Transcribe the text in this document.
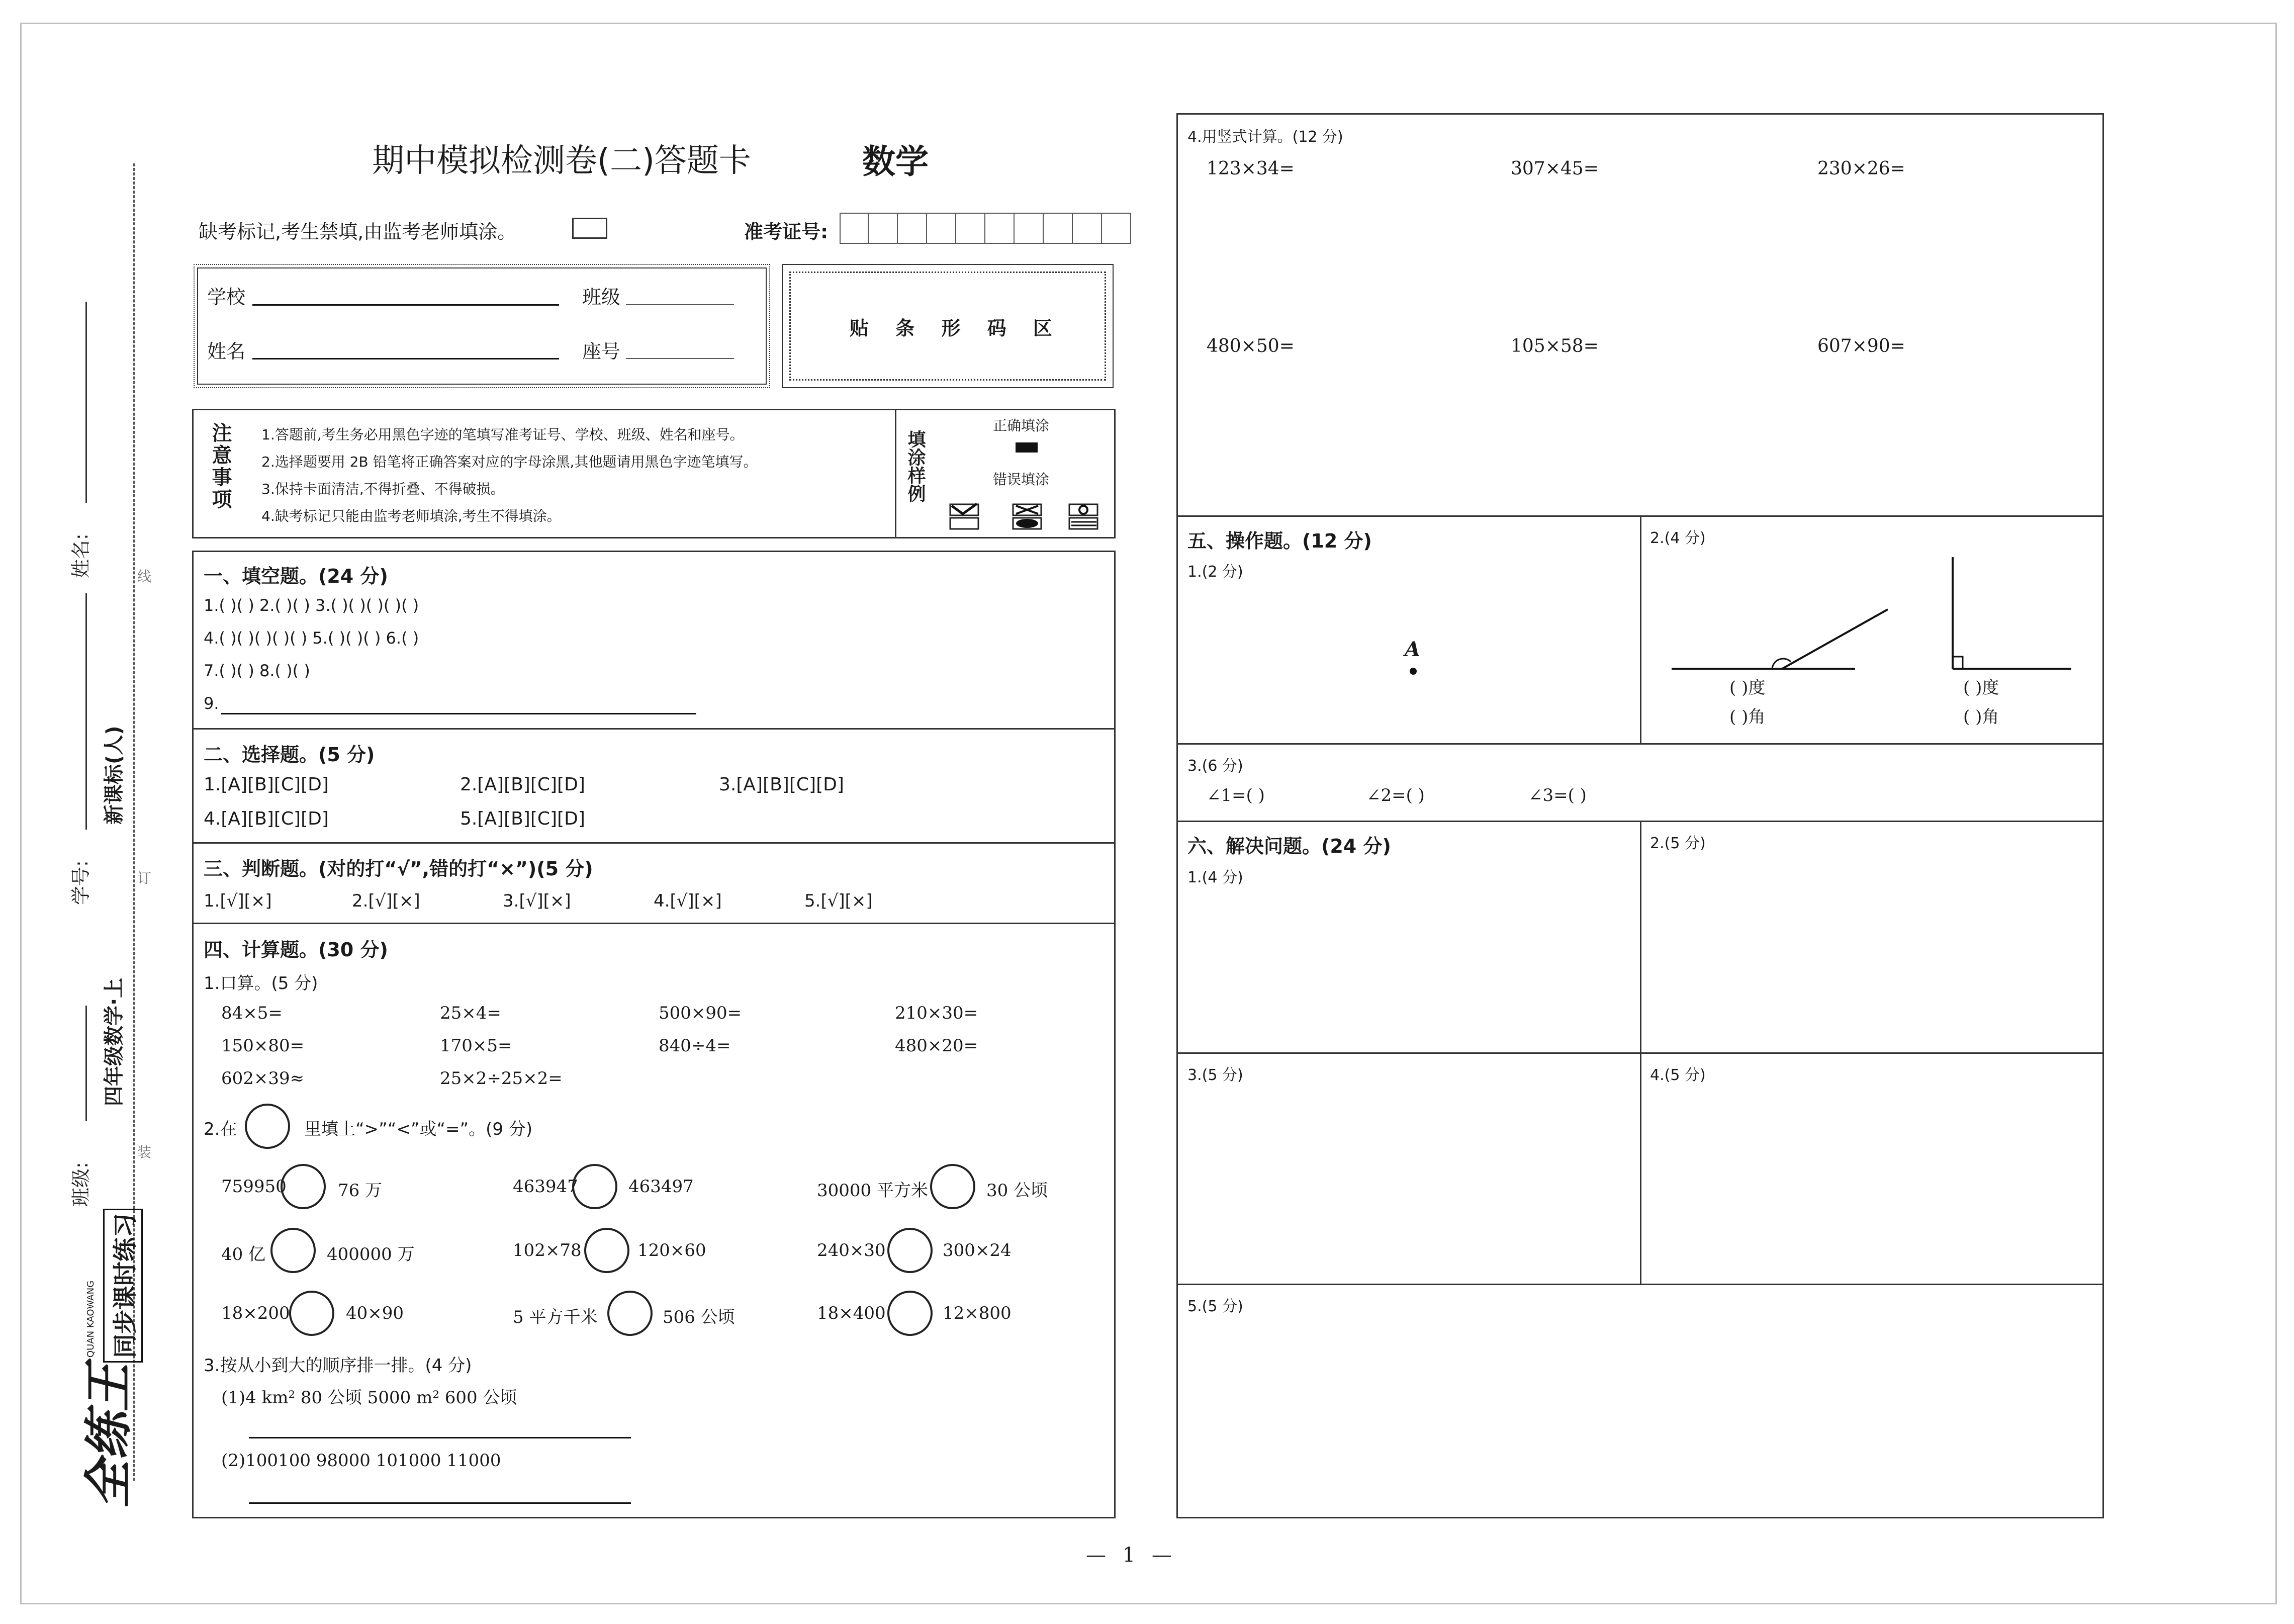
班级:
四年级数学·上
学号:
新课标(人)
姓名:	线
订
装
全练王
同步课时练习
QUAN KAOWANG
期中模拟检测卷(二)答题卡	数学
缺考标记,考生禁填,由监考老师填涂。	准考证号:
学校	班级
姓名	座号
贴 条 形 码 区
注意事项 1.答题前,考生务必用黑色字迹的笔填写准考证号、学校、班级、姓名和座号。
2.选择题要用 2B 铅笔将正确答案对应的字母涂黑,其他题请用黑色字迹笔填写。
3.保持卡面清洁,不得折叠、不得破损。
4.缺考标记只能由监考老师填涂,考生不得填涂。
填涂样例
正确填涂
错误填涂
一、填空题。(24 分)
1.( )( ) 2.( )( ) 3.( )( )( )( )( )
4.( )( )( )( )( ) 5.( )( )( ) 6.( )
7.( )( ) 8.( )( )
9.
二、选择题。(5 分)
1.[A][B][C][D]	2.[A][B][C][D]	3.[A][B][C][D]
4.[A][B][C][D]	5.[A][B][C][D]
三、判断题。(对的打“√”,错的打“×”)(5 分)
1.[√][×]	2.[√][×]	3.[√][×]	4.[√][×]	5.[√][×]
四、计算题。(30 分)
1.口算。(5 分)
84×5=	25×4=	500×90=	210×30=
150×80=	170×5=	840÷4=	480×20=
602×39≈	25×2÷25×2=
2.在	里填上“>”“<”或“=”。(9 分)
759950	76 万	463947	463497	30000 平方米	30 公顷
40 亿	400000 万	102×78	120×60	240×30	300×24
18×200	40×90	5 平方千米	506 公顷	18×400	12×800
3.按从小到大的顺序排一排。(4 分)
(1)4 km² 80 公顷 5000 m² 600 公顷
(2)100100 98000 101000 11000
4.用竖式计算。(12 分)
123×34=	307×45=	230×26=
480×50=	105×58=	607×90=
五、操作题。(12 分)
1.(2 分)
A
2.(4 分)
( )度
( )角
( )度
( )角
3.(6 分)
∠1=( )	∠2=( )	∠3=( )
六、解决问题。(24 分)
1.(4 分)
2.(5 分)
3.(5 分)	4.(5 分)
5.(5 分)
— 1 —
